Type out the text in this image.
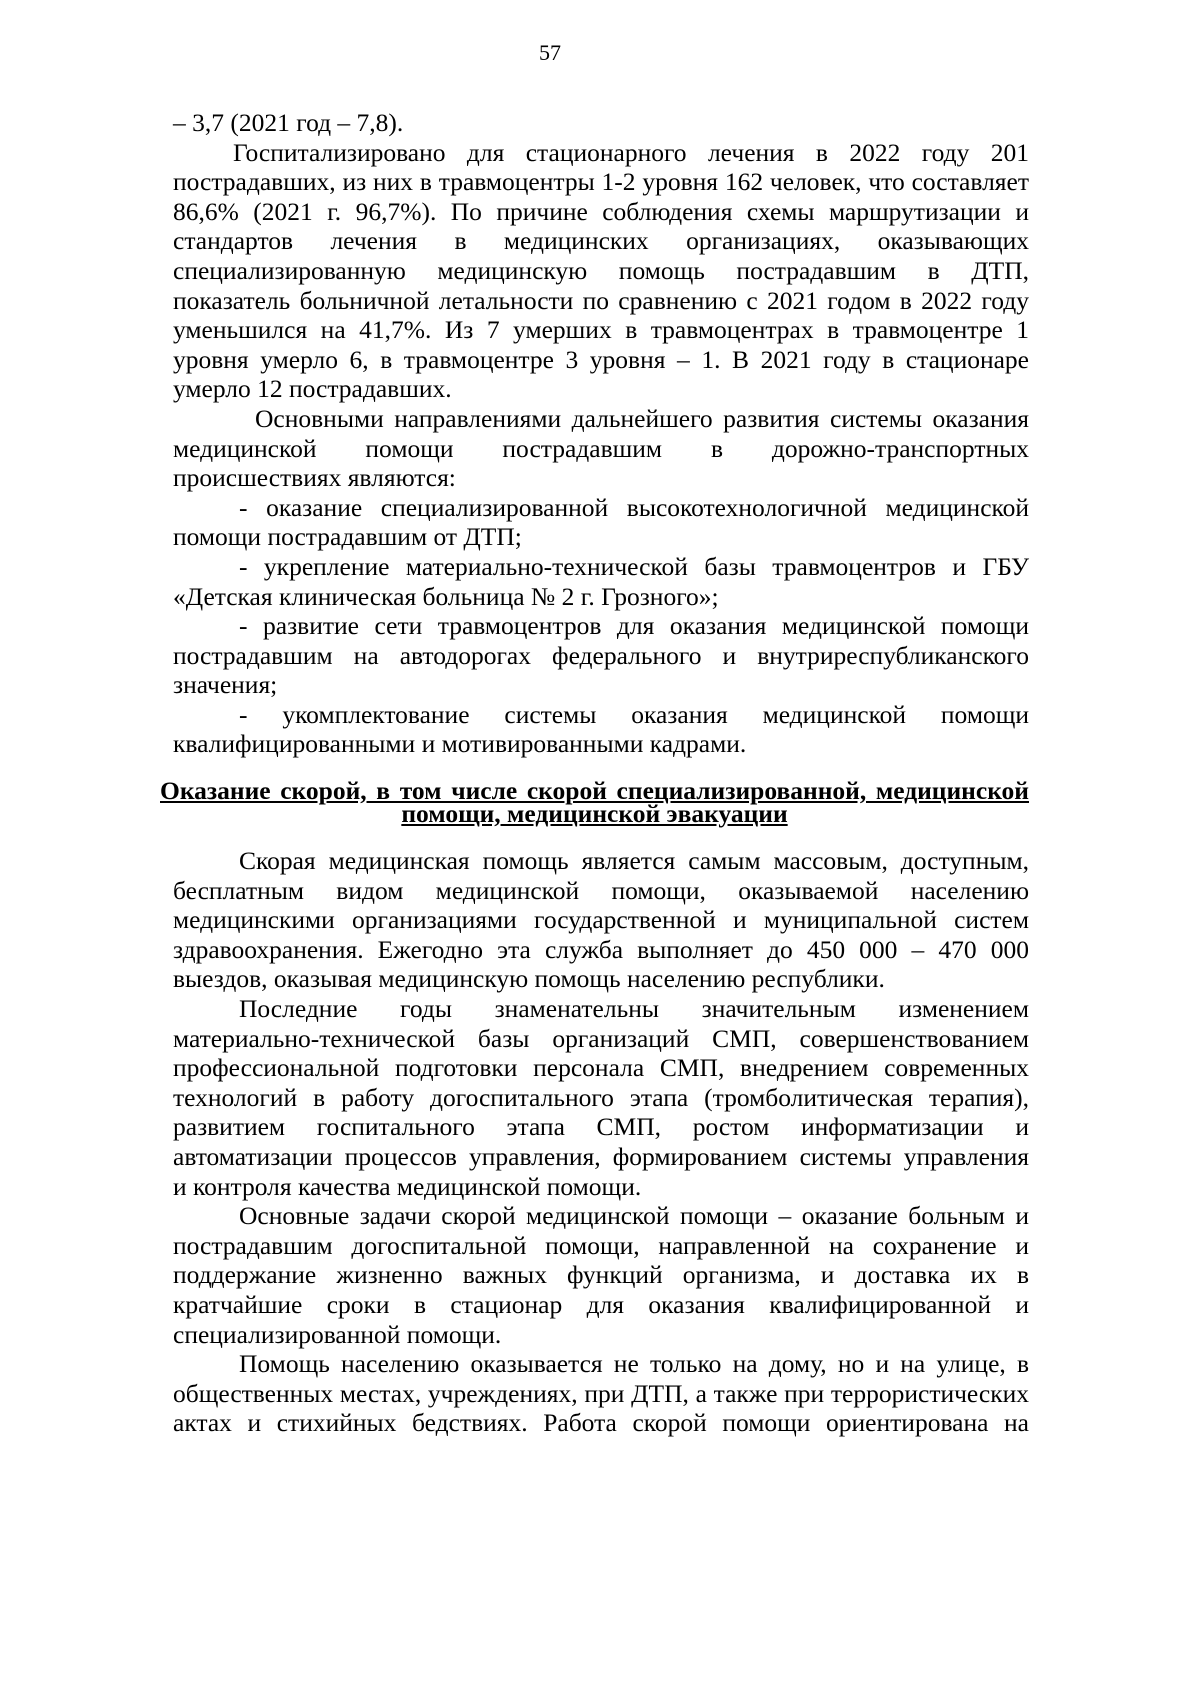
57
– 3,7 (2021 год – 7,8).
Госпитализировано для стационарного лечения в 2022 году 201
пострадавших, из них в травмоцентры 1-2 уровня 162 человек, что составляет
86,6% (2021 г. 96,7%). По причине соблюдения схемы маршрутизации и
стандартов лечения в медицинских организациях, оказывающих
специализированную медицинскую помощь пострадавшим в ДТП,
показатель больничной летальности по сравнению с 2021 годом в 2022 году
уменьшился на 41,7%. Из 7 умерших в травмоцентрах в травмоцентре 1
уровня умерло 6, в травмоцентре 3 уровня – 1. В 2021 году в стационаре
умерло 12 пострадавших.
Основными направлениями дальнейшего развития системы оказания
медицинской помощи пострадавшим в дорожно-транспортных
происшествиях являются:
- оказание специализированной высокотехнологичной медицинской
помощи пострадавшим от ДТП;
- укрепление материально-технической базы травмоцентров и ГБУ
«Детская клиническая больница № 2 г. Грозного»;
- развитие сети травмоцентров для оказания медицинской помощи
пострадавшим на автодорогах федерального и внутриреспубликанского
значения;
- укомплектование системы оказания медицинской помощи
квалифицированными и мотивированными кадрами.
Оказание скорой, в том числе скорой специализированной, медицинской
помощи, медицинской эвакуации
Скорая медицинская помощь является самым массовым, доступным,
бесплатным видом медицинской помощи, оказываемой населению
медицинскими организациями государственной и муниципальной систем
здравоохранения. Ежегодно эта служба выполняет до 450 000 – 470 000
выездов, оказывая медицинскую помощь населению республики.
Последние годы знаменательны значительным изменением
материально-технической базы организаций СМП, совершенствованием
профессиональной подготовки персонала СМП, внедрением современных
технологий в работу догоспитального этапа (тромболитическая терапия),
развитием госпитального этапа СМП, ростом информатизации и
автоматизации процессов управления, формированием системы управления
и контроля качества медицинской помощи.
Основные задачи скорой медицинской помощи – оказание больным и
пострадавшим догоспитальной помощи, направленной на сохранение и
поддержание жизненно важных функций организма, и доставка их в
кратчайшие сроки в стационар для оказания квалифицированной и
специализированной помощи.
Помощь населению оказывается не только на дому, но и на улице, в
общественных местах, учреждениях, при ДТП, а также при террористических
актах и стихийных бедствиях. Работа скорой помощи ориентирована на
